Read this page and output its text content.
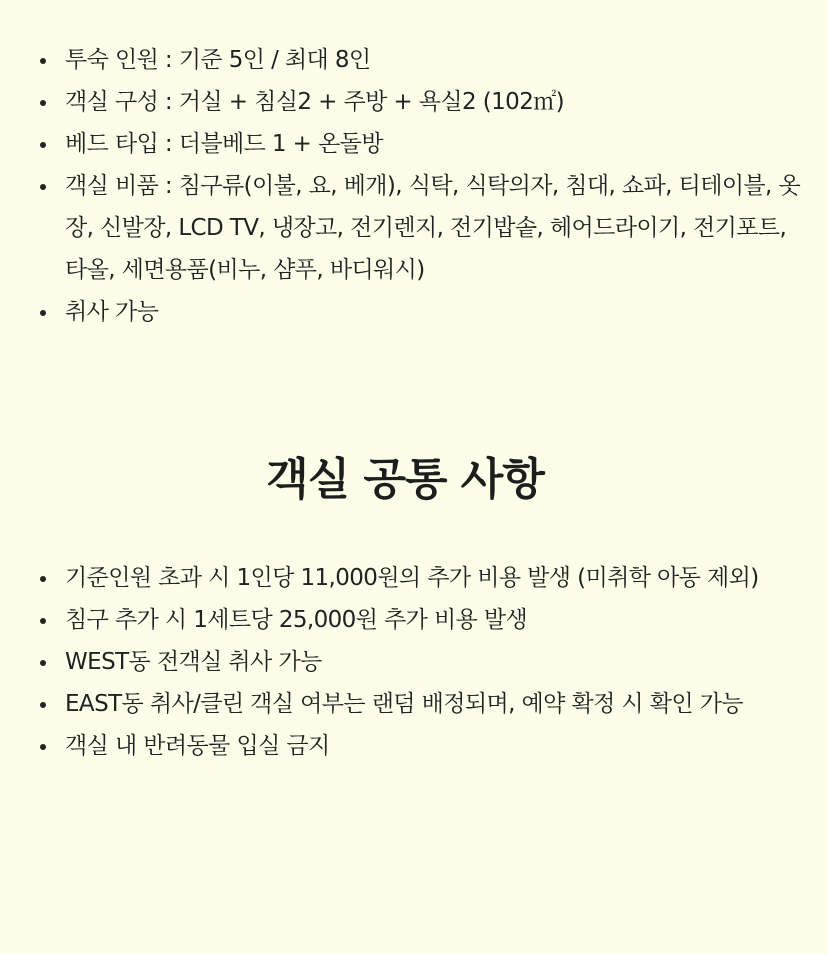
투숙 인원 : 기준 5인 / 최대 8인
객실 구성 : 거실 + 침실2 + 주방 + 욕실2 (102㎡)
베드 타입 : 더블베드 1 + 온돌방
객실 비품 : 침구류(이불, 요, 베개), 식탁, 식탁의자, 침대, 쇼파, 티테이블, 옷장, 신발장, LCD TV, 냉장고, 전기렌지, 전기밥솥, 헤어드라이기, 전기포트, 타올, 세면용품(비누, 샴푸, 바디워시)
취사 가능
객실 공통 사항
기준인원 초과 시 1인당 11,000원의 추가 비용 발생 (미취학 아동 제외)
침구 추가 시 1세트당 25,000원 추가 비용 발생
WEST동 전객실 취사 가능
EAST동 취사/클린 객실 여부는 랜덤 배정되며, 예약 확정 시 확인 가능
객실 내 반려동물 입실 금지
